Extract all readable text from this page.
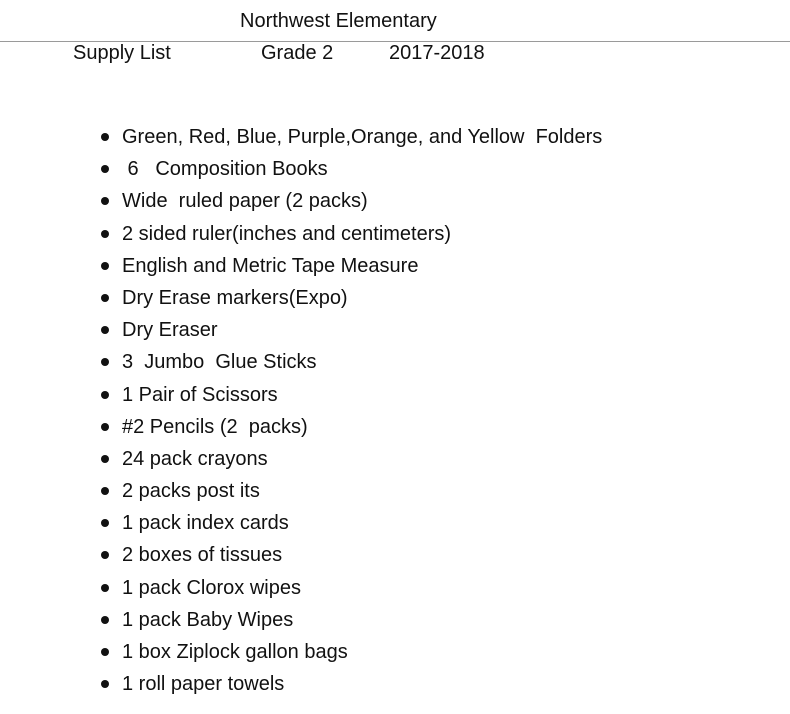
Northwest Elementary
Supply List	Grade 2	2017-2018
Green, Red, Blue, Purple,Orange, and Yellow  Folders
6   Composition Books
Wide  ruled paper (2 packs)
2 sided ruler(inches and centimeters)
English and Metric Tape Measure
Dry Erase markers(Expo)
Dry Eraser
3  Jumbo  Glue Sticks
1 Pair of Scissors
#2 Pencils (2  packs)
24 pack crayons
2 packs post its
1 pack index cards
2 boxes of tissues
1 pack Clorox wipes
1 pack Baby Wipes
1 box Ziplock gallon bags
1 roll paper towels
